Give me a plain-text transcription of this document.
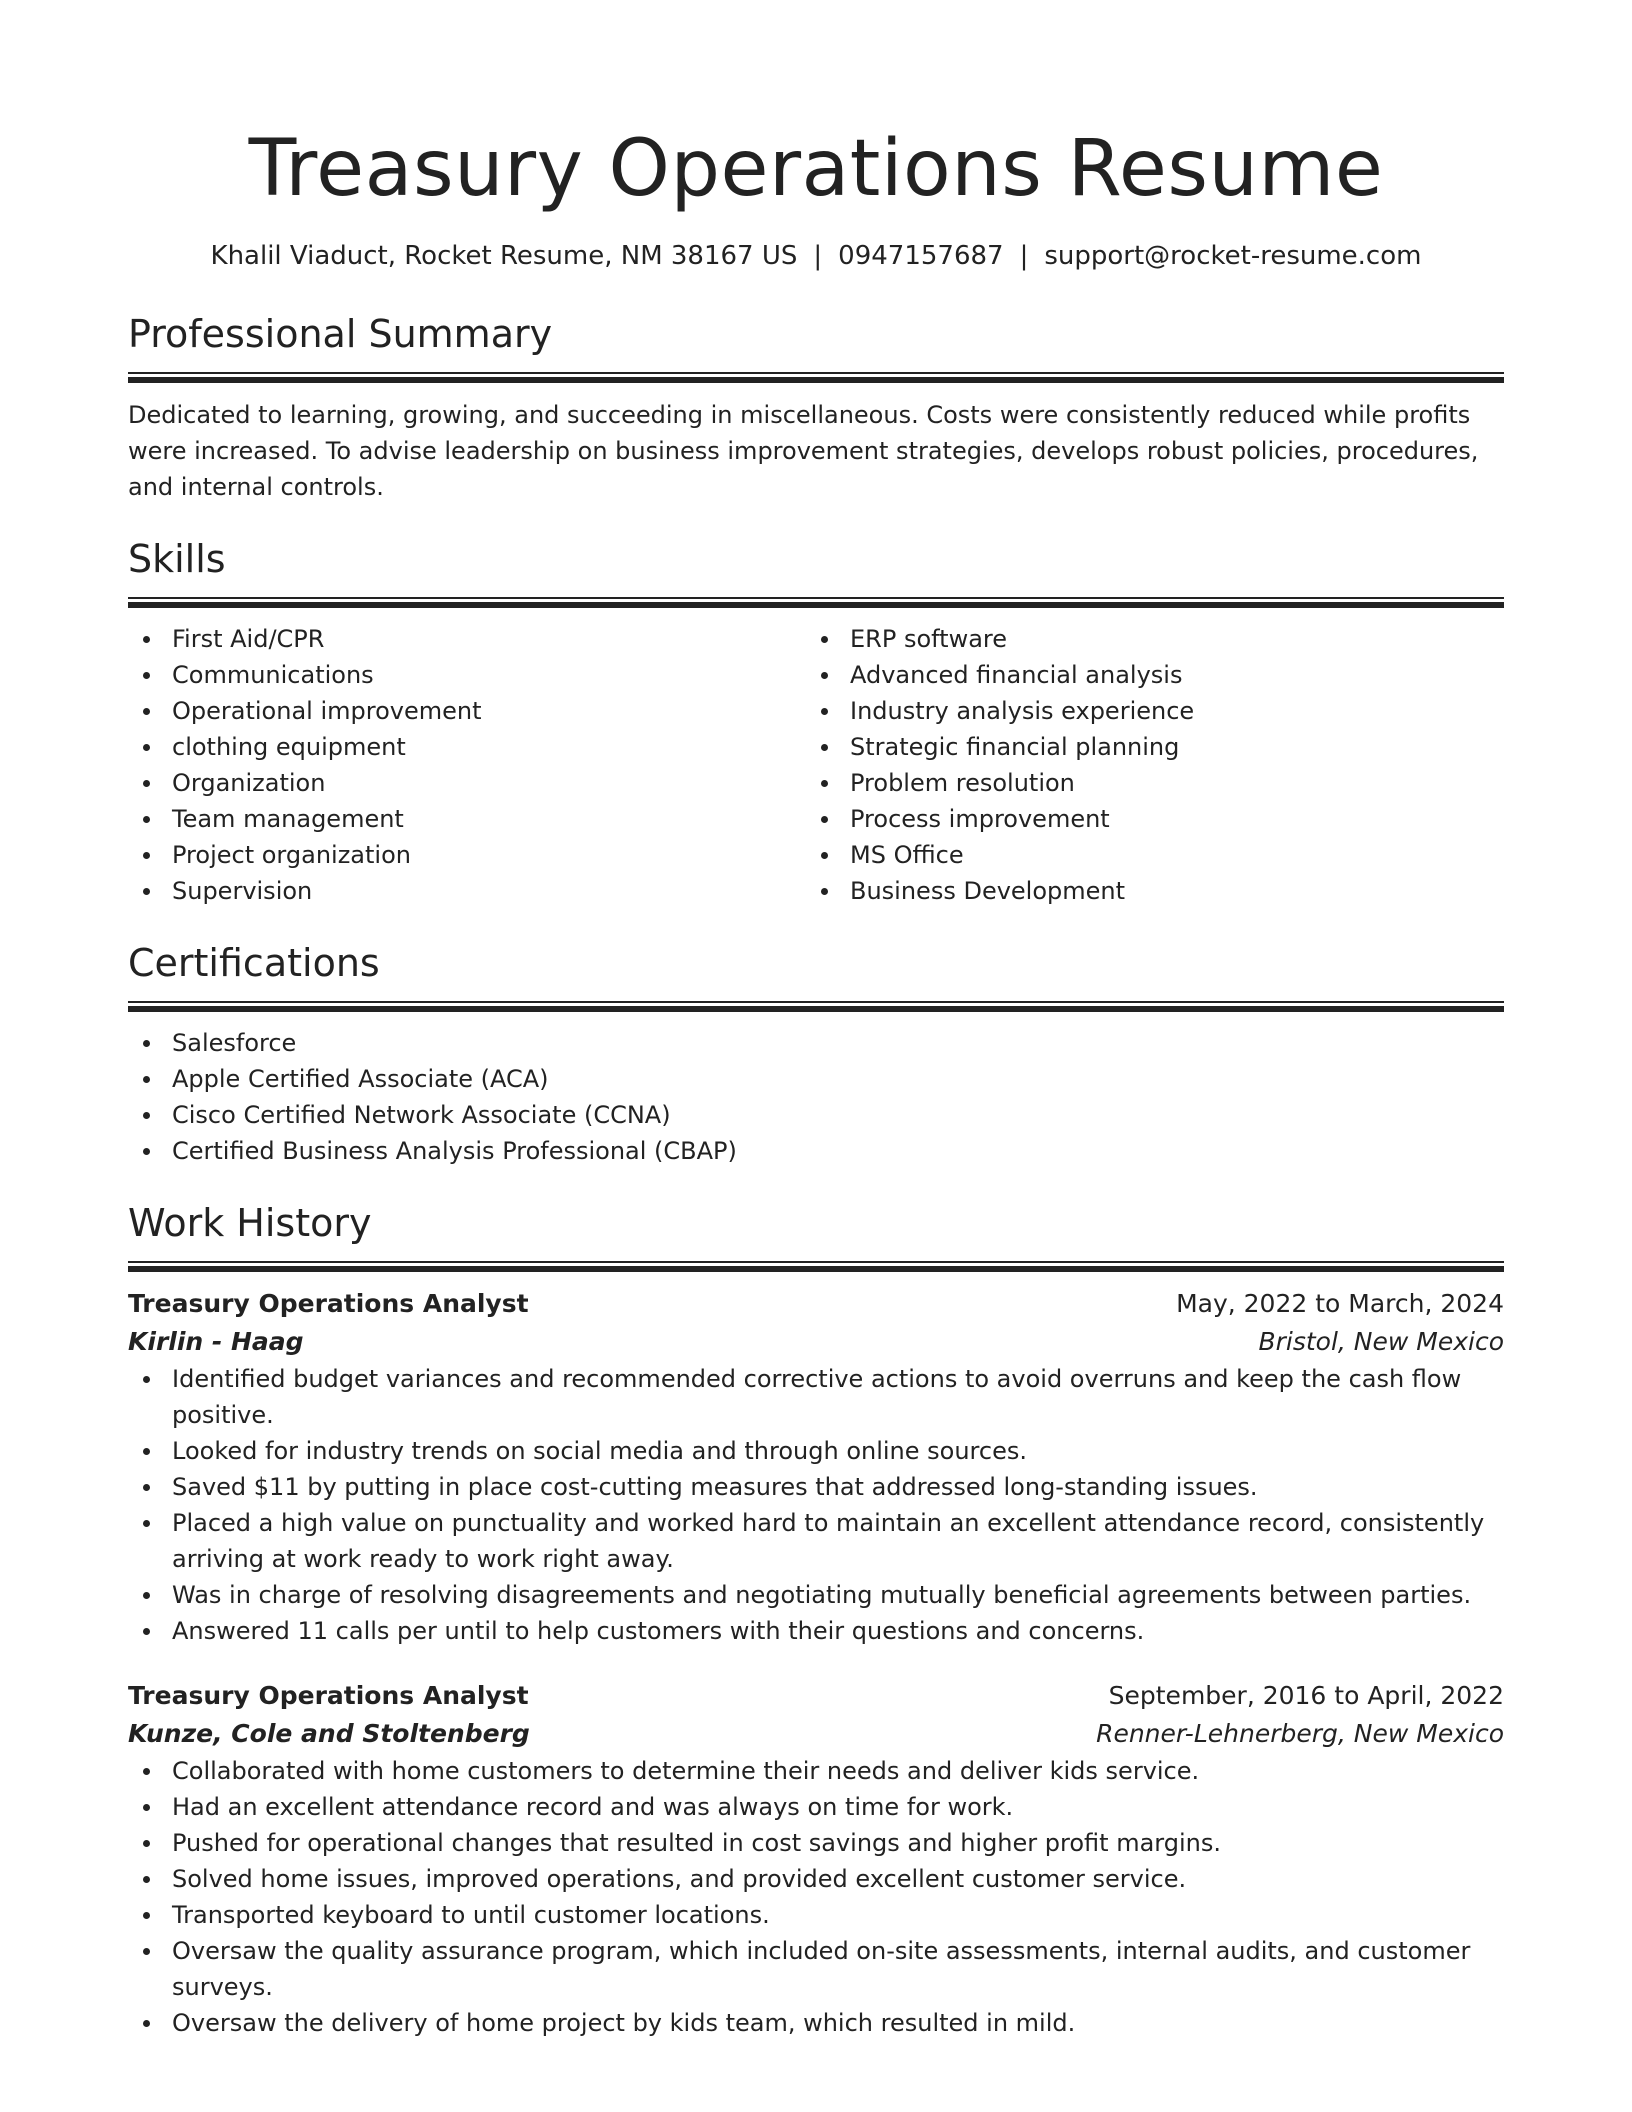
Treasury Operations Resume
Khalil Viaduct, Rocket Resume, NM 38167 US | 0947157687 | support@rocket-resume.com
Professional Summary

Dedicated to learning, growing, and succeeding in miscellaneous. Costs were consistently reduced while profits were increased. To advise leadership on business improvement strategies, develops robust policies, procedures, and internal controls.

Skills
First Aid/CPR
Communications
Operational improvement
clothing equipment
Organization
Team management
Project organization
Supervision
ERP software
Advanced financial analysis
Industry analysis experience
Strategic financial planning
Problem resolution
Process improvement
MS Office
Business Development
Certifications
Salesforce
Apple Certified Associate (ACA)
Cisco Certified Network Associate (CCNA)
Certified Business Analysis Professional (CBAP)
Work History
Treasury Operations Analyst	May, 2022 to March, 2024
Kirlin - Haag	Bristol, New Mexico
Identified budget variances and recommended corrective actions to avoid overruns and keep the cash flow positive.
Looked for industry trends on social media and through online sources.
Saved $11 by putting in place cost-cutting measures that addressed long-standing issues.
Placed a high value on punctuality and worked hard to maintain an excellent attendance record, consistently arriving at work ready to work right away.
Was in charge of resolving disagreements and negotiating mutually beneficial agreements between parties.
Answered 11 calls per until to help customers with their questions and concerns.
Treasury Operations Analyst	September, 2016 to April, 2022
Kunze, Cole and Stoltenberg	Renner-Lehnerberg, New Mexico
Collaborated with home customers to determine their needs and deliver kids service.
Had an excellent attendance record and was always on time for work.
Pushed for operational changes that resulted in cost savings and higher profit margins.
Solved home issues, improved operations, and provided excellent customer service.
Transported keyboard to until customer locations.
Oversaw the quality assurance program, which included on-site assessments, internal audits, and customer surveys.
Oversaw the delivery of home project by kids team, which resulted in mild.
